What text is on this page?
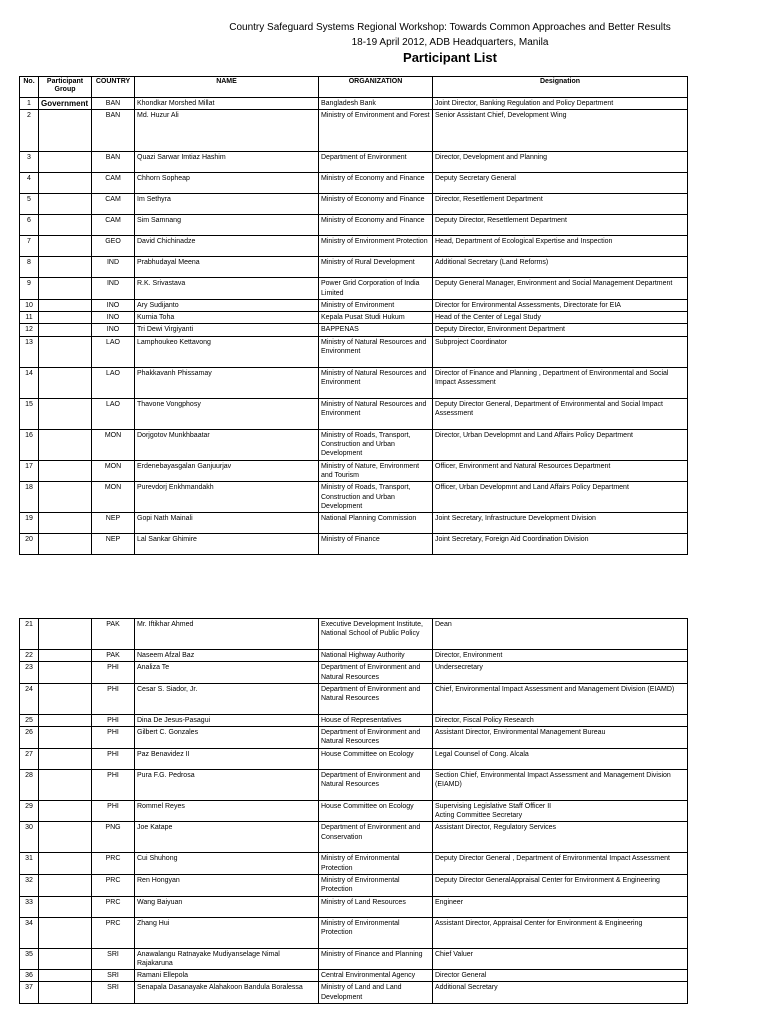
Country Safeguard Systems Regional Workshop: Towards Common Approaches and Better Results
18-19 April 2012, ADB Headquarters, Manila
Participant List
No.	Participant Group	COUNTRY	NAME	ORGANIZATION	Designation
1	Government	BAN	Khondkar Morshed Millat	Bangladesh Bank	Joint Director, Banking Regulation and Policy Department
2		BAN	Md. Huzur Ali	Ministry of Environment and Forest	Senior Assistant Chief, Development Wing
3		BAN	Quazi Sarwar Imtiaz Hashim	Department of Environment	Director, Development and Planning
4		CAM	Chhorn Sopheap	Ministry of Economy and Finance	Deputy Secretary General
5		CAM	Im Sethyra	Ministry of Economy and Finance	Director, Resettlement Department
6		CAM	Sim Samnang	Ministry of Economy and Finance	Deputy Director, Resettlement Department
7		GEO	David Chichinadze	Ministry of Environment Protection	Head, Department of Ecological Expertise and Inspection
8		IND	Prabhudayal Meena	Ministry of Rural Development	Additional Secretary (Land Reforms)
9		IND	R.K. Srivastava	Power Grid Corporation of India Limited	Deputy General Manager, Environment and Social Management Department
10		INO	Ary Sudijanto	Ministry of Environment	Director for Environmental Assessments, Directorate for EIA
11		INO	Kurnia Toha	Kepala Pusat Studi Hukum	Head of the Center of Legal Study
12		INO	Tri Dewi Virgiyanti	BAPPENAS	Deputy Director, Environment Department
13		LAO	Lamphoukeo Kettavong	Ministry of Natural Resources and Environment	Subproject Coordinator
14		LAO	Phakkavanh Phissamay	Ministry of Natural Resources and Environment	Director of Finance and Planning , Department of Environmental and Social Impact Assessment
15		LAO	Thavone Vongphosy	Ministry of Natural Resources and Environment	Deputy Director General, Department of Environmental and Social Impact Assessment
16		MON	Dorjgotov Munkhbaatar	Ministry of Roads, Transport, Construction and Urban Development	Director, Urban Developmnt and Land Affairs Policy Department
17		MON	Erdenebayasgalan Ganjuurjav	Ministry of Nature, Environment and Tourism	Officer, Environment and Natural Resources Department
18		MON	Purevdorj Enkhmandakh	Ministry of Roads, Transport, Construction and Urban Development	Officer, Urban Developmnt and Land Affairs Policy Department
19		NEP	Gopi Nath Mainali	National Planning Commission	Joint Secretary, Infrastructure Development Division
20		NEP	Lal Sankar Ghimire	Ministry of Finance	Joint Secretary, Foreign Aid Coordination Division
21		PAK	Mr. Iftikhar Ahmed	Executive Development Institute, National School of Public Policy	Dean
22		PAK	Naseem Afzal Baz	National Highway Authority	Director, Environment
23		PHI	Analiza Te	Department of Environment and Natural Resources	Undersecretary
24		PHI	Cesar S. Siador, Jr.	Department of Environment and Natural Resources	Chief, Environmental Impact Assessment and Management Division (EIAMD)
25		PHI	Dina De Jesus-Pasagui	House of Representatives	Director, Fiscal Policy Research
26		PHI	Gilbert C. Gonzales	Department of Environment and Natural Resources	Assistant Director, Environmental Management Bureau
27		PHI	Paz Benavidez II	House Committee on Ecology	Legal Counsel of Cong. Alcala
28		PHI	Pura F.G. Pedrosa	Department of Environment and Natural Resources	Section Chief, Environmental Impact Assessment and Management Division (EIAMD)
29		PHI	Rommel Reyes	House Committee on Ecology	Supervising Legislative Staff Officer II
Acting Committee Secretary
30		PNG	Joe Katape	Department of Environment and Conservation	Assistant Director, Regulatory Services
31		PRC	Cui Shuhong	Ministry of Environmental Protection	Deputy Director General , Department of Environmental Impact Assessment
32		PRC	Ren Hongyan	Ministry of Environmental Protection	Deputy Director GeneralAppraisal Center for Environment & Engineering
33		PRC	Wang Baiyuan	Ministry of Land Resources	Engineer
34		PRC	Zhang Hui	Ministry of Environmental Protection	Assistant Director, Appraisal Center for Environment & Engineering
35		SRI	Anawalangu Ratnayake Mudiyanselage Nimal Rajakaruna	Ministry of Finance and Planning	Chief Valuer
36		SRI	Ramani Ellepola	Central Environmental Agency	Director General
37		SRI	Senapala Dasanayake Alahakoon Bandula Boralessa	Ministry of Land and Land Development	Additional Secretary
